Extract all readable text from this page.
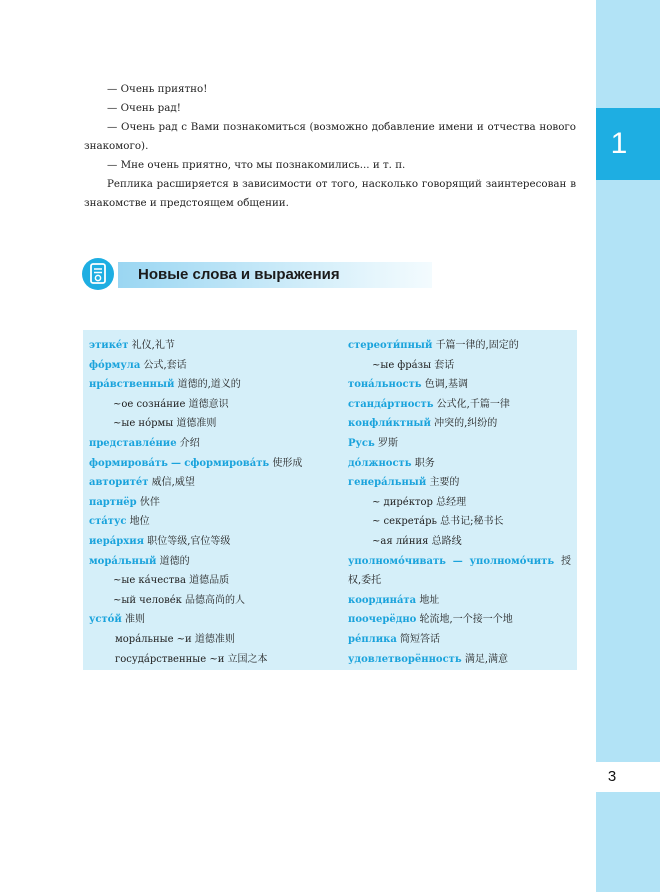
1
3

— Очень приятно!

— Очень рад!

— Очень рад с Вами познакомиться (возможно добавление имени и отчества нового знакомого).

— Мне очень приятно, что мы познакомились... и т. п.

Реплика расширяется в зависимости от того, насколько говорящий заинтересован в знакомстве и предстоящем общении.

Новые слова и выражения
этике́т 礼仪,礼节
фо́рмула 公式,套话
нра́вственный 道德的,道义的
~ое созна́ние 道德意识
~ые но́рмы 道德准则
представле́ние 介绍
формирова́ть — сформирова́ть 使形成
авторите́т 威信,威望
партнёр 伙伴
ста́тус 地位
иера́рхия 职位等级,官位等级
мора́льный 道德的
~ые ка́чества 道德品质
~ый челове́к 品德高尚的人
усто́й 准则
мора́льные ~и 道德准则
госуда́рственные ~и 立国之本
стереоти́пный 千篇一律的,固定的
~ые фра́зы 套话
тона́льность 色调,基调
станда́ртность 公式化,千篇一律
конфли́ктный 冲突的,纠纷的
Русь 罗斯
до́лжность 职务
генера́льный 主要的
~ дире́ктор 总经理
~ секрета́рь 总书记;秘书长
~ая ли́ния 总路线
уполномо́чивать — уполномо́чить 授权,委托
координа́та 地址
поочерёдно 轮流地,一个接一个地
ре́плика 简短答话
удовлетворённость 满足,满意
